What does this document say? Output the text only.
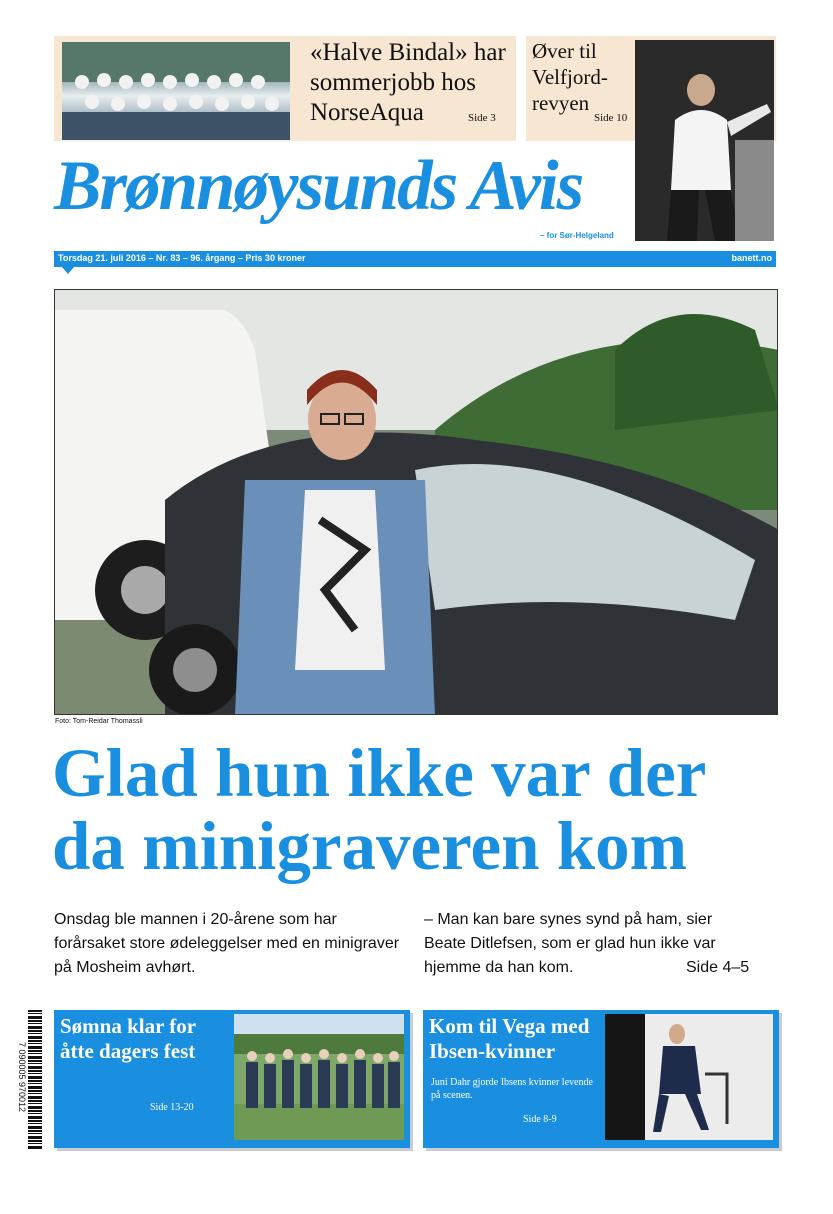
«Halve Bindal» har sommerjobb hos NorseAqua	Side 3
Øver til Velfjord-revyen
Side 10
Brønnøysunds Avis
– for Sør-Helgeland
Torsdag 21. juli 2016 – Nr. 83 – 96. årgang – Pris 30 kroner	banett.no
Foto: Tom-Reidar Thomassli
Glad hun ikke var der
da minigraveren kom
Onsdag ble mannen i 20-årene som har forårsaket store ødeleggelser med en minigraver på Mosheim avhørt.
– Man kan bare synes synd på ham, sier Beate Ditlefsen, som er glad hun ikke var hjemme da han kom.	Side 4–5
Sømna klar for åtte dagers fest
Side 13-20
Kom til Vega med Ibsen-kvinner
Juni Dahr gjorde Ibsens kvinner levende på scenen.
Side 8-9
7 090005 970012
